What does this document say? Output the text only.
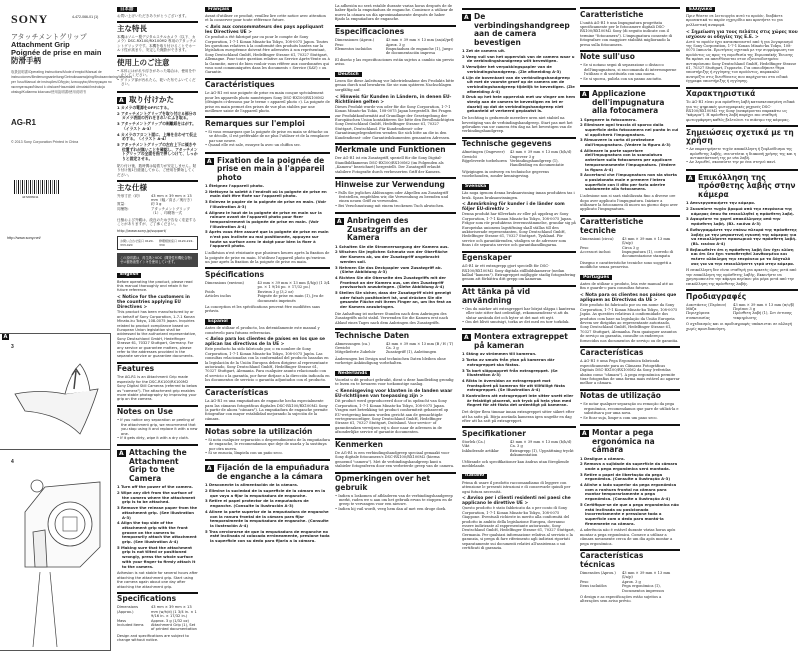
SONY	4-472-066-01 (1)
アタッチメントグリップ
Attachment Grip
Poignée de prise en main
防滑手柄
取扱説明書/Operating Instructions/Mode d'emploi/Manual de instrucciones/Bedienungsanleitung/Gebruiksaanwijzing/Bruksanvisning/Istruzioni per l'uso/Manual de instruções/Οδηγίες λειτουργίας/Инструкция по эксплуатации/Návod k obsluze/Használati útmutató/Instrukcja obsługi/Kullanma kılavuzu/使用說明書/使用说明书
AG-R1
© 2013 Sony Corporation Printed in China
4472066011
http://www.sony.net/
A
3
4
日本語
お買い上げいただきありがとうございます。
主な特長
本機はソニー製デジタルスチルカメラ（以下、カメラ）DSC-RX100/RX100M2 専用のアタッチメントグリップです。本機を取り付けることでホールド性が高まり、安定した撮影ができます。
使用上のご注意
• 本体にはがれや浮きがあった場合は、使用を中止してください。
• グリップ部が汚れたら、乾いた布でふいてください。
A 取り付けかた
1 カメラの電源をOFFにする。
2 アタッチメントグリップを取り付ける部分のカメラ表面の汚れをきれいにふき取る。
3 アタッチメントグリップの剥離紙をはがす。（イラスト A-3）
4 カメラのフロント面に、上端を合わせて仮止めする。（イラスト A-4）
5 アタッチメントグリップの左右上下に傾きや位置ずれが無いことを確認し、アタッチメントグリップの全面を指で押しつけて、しっかりと固定させる。
貼り付け後、数時間は接着力が安定しません。貼り付け後1日経過してから、ご使用を開始してください。
主な仕様
外形寸法（約）	43 mm × 39 mm × 13 mm（幅／高さ／奥行き）
質量：	約 3 g
同梱物：	アタッチメントグリップ（1）、印刷物一式
仕様および外観は、改良のため予告なく変更することがありますが、ご了承ください。
http://www.sony.jp/support/
お問い合わせ窓口 0120-333-020
修理相談窓口 0120-222-330
この説明書は、再生紙とVOC（揮発性有機化合物）ゼロ植物油型インキを使用しています。
English
Before operating the product, please read this manual thoroughly and retain it for future reference.
< Notice for the customers in the countries applying EU Directives >
This product has been manufactured by or on behalf of Sony Corporation, 1-7-1 Konan Minato-ku Tokyo, 108-0075 Japan. Inquiries related to product compliance based on European Union legislation shall be addressed to the authorized representative, Sony Deutschland GmbH, Hedelfinger Strasse 61, 70327 Stuttgart, Germany. For any service or guarantee matters, please refer to the addresses provided in the separate service or guarantee documents.
Features
The AG-R1 is an Attachment Grip made especially for the DSC-RX100/RX100M2 Sony Digital Still Cameras (referred to below as "camera"). The attachment grip enables more stable photography by improving your grip on the camera.
Notes on Use
• If you notice any separation or peeling of the attachment grip, we recommend that you stop using it and replace it with a new one.
• If it gets dirty, wipe it with a dry cloth.
A Attaching the Attachment Grip to the Camera
1 Turn off the power of the camera.
2 Wipe any dirt from the surface of the camera where the attachment grip is to be attached.
3 Remove the release paper from the attachment grip. (See illustration A-3)
4 Align the top side of the attachment grip with the front groove on the camera to temporarily attach the attachment grip. (See illustration A-4)
5 Making sure that the attachment grip is not tilted or positioned wrongly, press the whole surface with your finger to firmly attach it to the camera.
Adhesion is not stable for several hours after attaching the attachment grip. Start using the camera again about one day after attaching the attachment grip.
Specifications
Dimensions (Approx.)
43 mm × 39 mm × 13 mm (w/h/d) (1 3/4 in. × 1 9/16 in. × 17/32 in.)
Mass	Approx. 3 g (1/32 oz)
Included items	Attachment Grip (1), Set of printed documentation
Design and specifications are subject to change without notice.
Français
Avant d'utiliser ce produit, veuillez lire cette notice avec attention et la conserver pour toute référence future.
< Avis aux consommateurs des pays appliquant les Directives UE >
Ce produit a été fabriqué par ou pour le compte de Sony Corporation, 1-7-1 Konan Minato-ku Tokyo, 108-0075 Japon. Toutes les questions relatives à la conformité des produits basées sur la législation européenne doivent être adressées à son représentant, Sony Deutschland GmbH, Hedelfinger Strasse 61, 70327 Stuttgart, Allemagne. Pour toute question relative au Service Après-Vente ou à la Garantie, merci de bien vouloir vous référer aux coordonnées qui vous sont communiquées dans les documents « Service (SAV) » ou Garantie.
Caractéristiques
Le AG-R1 est une poignée de prise en main conçue spécialement pour les appareils photo numériques Sony DSC-RX100/RX100M2 (désignés ci-dessous par le terme « appareil photo »). La poignée de prise en main permet des prises de vue plus stables par une meilleure saisie de l'appareil photo.
Remarques sur l'emploi
• Si vous remarquez que la poignée de prise en main se détache ou se décolle, il est préférable de ne plus l'utiliser et de la remplacer par une neuve.
• Quand elle est sale, essuyez-la avec un chiffon sec.
A Fixation de la poignée de prise en main à l'appareil photo
1 Éteignez l'appareil photo.
2 Nettoyez la saleté à l'endroit où la poignée de prise en main doit être fixée sur l'appareil photo.
3 Enlevez le papier de la poignée de prise en main. (Voir l'illustration A-3)
4 Alignez le haut de la poignée de prise en main sur la rainure avant de l'appareil photo pour fixer temporairement la poignée de prise en main. (Voir l'illustration A-4)
5 Après vous être assuré que la poignée de prise en main n'est pas inclinée ou mal positionnée, appuyez sur toute sa surface avec le doigt pour bien la fixer à l'appareil photo.
L'adhésion n'est résistante que plusieurs heures après la fixation de la poignée de prise en main. N'utilisez l'appareil photo qu'environ un jour après la fixation de la poignée de prise en main.
Spécifications
Dimensions (environ)	43 mm × 39 mm × 13 mm (l/h/p) (1 3/4 po. × 1 9/16 po. × 17/32 po.)
Poids	Environ 3 g (3,2 oz)
Articles inclus	Poignée de prise en main (1), Jeu de documents imprimés
La conception et les spécifications peuvent être modifiées sans préavis.
Español
Antes de utilizar el producto, lea detenidamente este manual y consérvelo para futuras referencias.
< Aviso para los clientes de países en los que se aplican las directivas de la UE >
Este producto ha sido fabricado por, o en nombre de Sony Corporation, 1-7-1 Konan Minato-ku Tokyo, 108-0075 Japón. Las consultas relacionadas con la conformidad del producto basadas en la legislación de la Unión Europea deben dirigirse al representante autorizado, Sony Deutschland GmbH, Hedelfinger Strasse 61, 70327 Stuttgart, Alemania. Para cualquier asunto relacionado con el servicio o la garantía, por favor diríjase a la dirección indicada en los documentos de servicio o garantía adjuntados con el producto.
Características
La AG-R1 es una empuñadura de enganche hecha especialmente para las cámaras fotográficas digitales DSC-RX100/RX100M2 Sony (a partir de ahora "cámara"). La empuñadura de enganche permite fotografiar con mayor estabilidad mejorando la sujeción de la cámara.
Notas sobre la utilización
• Si nota cualquier separación o desprendimiento de la empuñadura de enganche, le recomendamos que deje de usarla y la sustituya por otra nueva.
• Si se ensucia, límpiela con un paño seco.
A Fijación de la empuñadura de enganche a la cámara
1 Desconecte la alimentación de la cámara.
2 Elimine la suciedad de la superficie de la cámara en la que vaya a fijar la empuñadura de enganche.
3 Retire el papel protector de la empuñadura de enganche. (Consulte la ilustración A-3)
4 Alinee la parte superior de la empuñadura de enganche con la ranura frontal de la cámara para fijar temporalmente la empuñadura de enganche. (Consulte la ilustración A-4)
5 Tras cerciorarse de que la empuñadura de enganche no esté inclinada ni colocada erróneamente, presione toda la superficie con su dedo para fijarla a la cámara.
La adhesión no será estable durante varias horas después de de haber fijado la empuñadura de enganche. Comience a utilizar de nuevo la cámara un día aproximadamente después de haber fijado la empuñadura de enganche.
Especificaciones
Dimensiones (Aprox.)	43 mm × 39 mm × 13 mm (an/al/prf)
Peso	Aprox. 3 g
Elementos incluidos	Empuñadura de enganche (1), Juego de documentación impresa
El diseño y las especificaciones están sujetos a cambio sin previo aviso.
Deutsch
Lesen Sie diese Anleitung vor Inbetriebnahme des Produkts bitte genau durch und bewahren Sie sie zum späteren Nachschlagen sorgfältig auf.
< Hinweis für Kunden in Ländern, in denen EU-Richtlinien gelten >
Dieses Produkt wurde von oder für die Sony Corporation, 1-7-1 Konan Minato-ku Tokio, 108-0075 Japan hergestellt. Bei Fragen zur Produktkonformität auf Grundlage der Gesetzgebung der Europäischen Union kontaktieren Sie bitte den Bevollmächtigten Sony Deutschland GmbH, Hedelfinger Strasse 61, 70327 Stuttgart, Deutschland. Für Kundendienst- oder Garantieangelegenheiten wenden Sie sich bitte an die in den Kundendienst- oder Garantiedokumenten genannten Adressen.
Merkmale und Funktionen
Der AG-R1 ist ein Zusatzgriff, speziell für die Sony Digital-Standbildkameras DSC-RX100/RX100M2 (im Folgenden als „Kamera" bezeichnet) hergestellt. Der Zusatzgriff erlaubt stabilere Fotografie durch verbesserten Griff der Kamera.
Hinweise zur Verwendung
• Falls Sie jegliches Ablösungen oder Abpellen am Zusatzgriff feststellen, empfehlen wir, die Verwendung zu beenden und einen neuen Griff zu verwenden.
• Bei Verschmutzung mit einem trockenen Tuch abwischen.
A Anbringen des Zusatzgriffs an der Kamera
1 Schalten Sie die Stromversorgung der Kamera aus.
2 Wischen Sie jeglichen Schmutz von der Oberfläche der Kamera ab, wo der Zusatzgriff angebracht werden soll.
3 Nehmen Sie das Deckpapier vom Zusatzgriff ab. (Siehe Abbildung A-3)
4 Richten Sie die Oberseite des Zusatzgriffs mit der Frontnut an der Kamera aus, um den Zusatzgriff provisorisch anzubringen. (Siehe Abbildung A-4)
5 Stellen Sie sicher, dass der Zusatzgriff nicht geneigt oder falsch positioniert ist, und drücken Sie die gesamte Fläche mit Ihrem Finger an, um ihn fest an der Kamera anzubringen.
Die Anhaftung ist mehrere Stunden nach dem Anbringen des Zusatzgriffs nicht stabil. Verwenden Sie die Kamera erst nach Ablauf eines Tages nach dem Anbringen des Zusatzgriffs.
Technische Daten
Abmessungen (ca.)	43 mm × 39 mm × 13 mm (B / H / T)
Gewicht	Ca. 3 g
Mitgelieferte Zubehör	Zusatzgriff (1), Anleitungen
Änderungen bei Design und technischen Daten bleiben ohne vorherige Ankündigung vorbehalten.
Nederlands
Voordat u dit product gebruikt, dient u deze handleiding grondig te lezen en te bewaren voor toekomstige naslag.
< Kennisgeving voor klanten in de landen waar EU-richtlijnen van toepassing zijn >
Dit product werd geproduceerd door of in opdracht van Sony Corporation, 1-7-1 Konan Minato-ku Tokyo, 108-0075 Japan. Vragen met betrekking tot product conformiteit gebaseerd op EU-wetgeving kunnen worden gericht aan de gemachtigde vertegenwoordiger, Sony Deutschland GmbH, Hedelfinger Strasse 61, 70327 Stuttgart, Duitsland. Voor service- of garantiezaken verwijzen wij u door naar de adressen in de afzonderlijke service of garantie documenten.
Kenmerken
De AG-R1 is een verbindingshandgreep speciaal gemaakt voor Sony digitale fotocamera's DSC-RX100/RX100M2 (hierna genoemd "camera"). Met de verbindingshandgreep kunt u stabieler fotograferen door een verbeterde greep van de camera.
Opmerkingen over het gebruik
• Indien u loskomen of afbladeren van de verbindingshandgreep merkt, raden we u aan om het gebruik ervan te stoppen en de greep te vervangen voor een nieuwe.
• Indien hij vuil wordt, veeg hem dan af met een droge doek.
A De verbindingshandgreep aan de camera bevestigen
1 Zet de camera uit.
2 Veeg vuil van het oppervlak van de camera waar u de verbindingshandgreep wilt bevestigen.
3 Verwijder het verpakkingspapier van de verbindingshandgreep. (Zie afbeelding A-3)
4 Lijn de bovenkant van de verbindingshandgreep uit met de voorste groef op de camera om de verbindingshandgreep tijdelijk te bevestigen. (Zie afbeelding A-4)
5 Druk op het hele oppervlak met uw vinger om hem stevig aan de camera te bevestigen en let er daarbij op dat de verbindingshandgreep niet gekanteld of verkeerd geplaatst is.
De hechting is gedurende meerdere uren niet stabiel na bevestiging van de verbindingshandgreep. Start pas met het gebruiken van uw camera één dag na het bevestigen van de verbindingshandgreep.
Technische gegevens
Afmetingen (Ongeveer)	43 mm × 39 mm × 13 mm (b/h/d)
Gewicht	Ongeveer 3 g
Bijgeleverde toebehoren Verbindingshandgreep (1), Handleiding en documentatie
Wijzigingen in ontwerp en technische gegevens voorbehouden, zonder kennisgeving.
Svenska
Läs noga igenom denna bruksanvisning innan produkten tas i bruk. Spara bruksanvisningen.
< Anmärkning för kunder i de länder som följer EU-direktiv >
Denna produkt har tillverkats av eller på uppdrag av Sony Corporation, 1-7-1 Konan Minato-ku Tokyo, 108-0075 Japan. Frågor som rör produktens överensstämmelse, grundar sig på Europeiska unionens lagstiftning skall ställas till den auktoriserade representanten, Sony Deutschland GmbH, Hedelfinger Strasse 61, 70327 Stuttgart, Tyskland. För service och garantiärenden, vänligen se de adresser som finns i de separata service och garantihandlingarna.
Egenskaper
AG-R1 är ett extragrepp gjort speciellt för DSC-RX100/RX100M2 Sony digitala stillbildskameror (nedan kallad "kamera"). Extragreppet möjliggör stadig fotografering genom att förbättra ditt grepp om kameran.
Att tänka på vid användning
• Om du märker att extragreppet har börjat släppa i kanterna eller inte sitter fast ordentligt, rekommenderar vi att du slutar använda det och byter ut det mot ett nytt.
• Om det blivit smutsigt, torka av det med en torr torkduk.
A Montera extragreppet på kameran
1 Stäng av strömmen till kameran.
2 Torka av smuts från ytan på kameran där extragreppet ska fästas.
3 Ta bort släppappret från extragreppet. (Se illustration A-3)
4 Rikta in översidan av extragreppet mot frontspåret på kameran för att tillfälligt fästa extragreppet. (Se illustration A-4)
5 Kontrollera att extragreppet inte sitter snett eller är felaktigt placerat, och tryck på hela ytan med fingret för att fästa det ordentligt på kameran.
Det dröjer flera timmar innan extragreppet sitter säkert efter att ha satts på. Börja använda kameran igen ungefär en dag efter att ha satt på extragreppet.
Specifikationer
Storlek (Ca.)	43 mm × 39 mm × 13 mm (b/h/d)
Vikt	Ca. 3 g
Inkluderade artiklar	Extragrepp (1), Uppsättning tryckt dokumentation
Utförande och specifikationer kan ändras utan föregående meddelande.
Italiano
Prima di usare il prodotto raccomandiamo di leggere con attenzione le presenti istruzioni e di conservarle quindi per ogni futura necessità.
< Avviso per i clienti residenti nei paesi che applicano le direttive UE >
Questo prodotto è stato fabbricato da o per conto di Sony Corporation, 1-7-1 Konan Minato-ku Tokyo, 108-0075 Giappone. Eventuali richieste in merito alla conformità del prodotto in ambito della legislazione Europea, dovranno essere indirizzate al rappresentante autorizzato, Sony Deutschland GmbH, Hedelfinger Strasse 61, 70327 Stuttgart, Germania. Per qualsiasi informazione relativa al servizio o la garanzia, si prega di fare riferimento agli indirizzi riportati separatamente sui documenti relativi all'assistenza o sui certificati di garanzia.
Caratteristiche
L'unità AG-R1 è una Impugnatura progettata specificamente per le fotocamere digitali DSC-RX100/RX100M2 Sony (di seguito indicate con il termine "fotocamera"). L'impugnatura consente di fotografare con maggiore stabilità migliorando la presa sulla fotocamera.
Note sull'uso
• Se si notano segni di separazione o distacco dell'impugnatura, si raccomanda di interromperne l'utilizzo e di sostituirla con una nuova.
• Se si sporca, pulirla con un panno asciutto.
A Applicazione dell'impugnatura alla fotocamera
1 Spegnere la fotocamera.
2 Eliminare ogni traccia di sporco dalla superficie della fotocamera nel punto in cui si applicherà l'impugnatura.
3 Rimuovere la carta di protezione dall'impugnatura. (Vedere la figura A-3)
4 Allineare la parte superiore dell'impugnatura con la scanalatura anteriore sulla fotocamera per applicare temporaneamente l'impugnatura. (Vedere la figura A-4)
5 Accertarsi che l'impugnatura non sia storta o posizionata male e premere l'intera superficie con il dito per farla aderire saldamente alla fotocamera.
L'adesione non si sarà stabilizzata fino a diverse ore dopo aver applicato l'impugnatura. Iniziare a utilizzare la fotocamera di nuovo un giorno dopo aver applicato l'impugnatura.
Caratteristiche tecniche
Dimensioni (circa)	43 mm × 39 mm × 13 mm (l/a/p)
Peso	Circa 3 g
Accessori inclusi	Impugnatura (1), corredo di documentazione stampata
Disegno e caratteristiche tecniche sono soggetti a modifiche senza preavviso.
Português
Antes de utilizar o produto, leia este manual até ao fim e guarde-o para consultas futuras.
< Nota para os clientes nos países que apliquem as Directivas da UE >
Este produto foi fabricado por ou em nome da Sony Corporation, 1-7-1 Konan Minato-ku Tokyo, 108-0075 Japão. As questões relativas à conformidade dos produtos com base na legislação da União Europeia devem ser dirigidas ao representante autorizado, Sony Deutschland GmbH, Hedelfinger Strasse 61, 70327 Stuttgart, Alemanha. Para quaisquer assuntos de serviço ou garantia, consulte os endereços fornecidos nos documentos de serviço ou de garantia.
Características
A AG-R1 é uma Pega Ergonómica fabricada especificamente para as Câmaras Fotográficas Digitais DSC-RX100/RX100M2 da Sony (referidas abaixo como "câmara"). A pega ergonómica permite tirar fotografias de uma forma mais estável ao agarrar melhor a câmara.
Notas de utilização
• Se notar qualquer separação ou remoção da pega ergonómica, recomendamos que pare de utilizá-la e substitua-a por uma nova.
• Se ficar suja, limpe-a com um pano seco.
A Montar a pega ergonómica na câmara
1 Desligue a câmara.
2 Remova a sujidade da superfície da câmara onde a pega ergonómica será montada.
3 Retire o papel de libertação da pega ergonómica. (Consulte a ilustração A-3)
4 Alinhe o lado superior da pega ergonómica com a ranhura frontal na câmara para montar temporariamente a pega ergonómica. (Consulte a ilustração A-4)
5 Certifique-se de que a pega ergonómica não está inclinada ou posicionada incorrectamente e pressione toda a superfície com o dedo para montá-la firmemente na câmara.
A aderência não é estável durante várias horas após montar a pega ergonómica. Comece a utilizar a câmara novamente cerca de um dia após montar a pega ergonómica.
Características técnicas
Dimensões (Aprox.)	43 mm × 39 mm × 13 mm (l/a/p)
Peso	Aprox. 3 g
Itens incluídos	Pega ergonómica (1), Documentos impressos
O design e as especificações estão sujeitos a alterações sem aviso prévio.
Ελληνικά
Πριν θέσετε σε λειτουργία αυτό το προϊόν, διαβάστε προσεκτικά το παρόν εγχειρίδιο και κρατήστε το για μελλοντική αναφορά.
< Σημείωση για τους πελάτες στις χώρες που ισχύουν οι οδηγίες της Ε.Ε. >
Αυτό το προϊόν έχει κατασκευαστεί από ή για λογαριασμό της Sony Corporation, 1-7-1 Konan Minato-ku Tokyo, 108-0075 Ιαπωνία. Ερωτήσεις σχετικά με την συμμόρφωση του προϊόντος ως προς τη νομοθεσία της Ευρωπαϊκής Ένωσης θα πρέπει να απευθύνονται στον εξουσιοδοτημένο αντιπρόσωπο Sony Deutschland GmbH, Hedelfinger Strasse 61, 70327 Stuttgart, Γερμανία. Για οποιοδήποτε θέμα υποστήριξης ή εγγύησης του προϊόντος, παρακαλώ ανατρέξτε στις διευθύνσεις που παρέχονται στα ειδικά έγγραφα υποστήριξης ή εγγύησης.
Χαρακτηριστικά
Το AG-R1 είναι μια πρόσθετη λαβή κατασκευασμένη ειδικά για τις ψηφιακές φωτογραφικές μηχανές DSC-RX100/RX100M2 της Sony (αναφέρονται παρακάτω ως "κάμερα"). Η πρόσθετη λαβή παρέχει πιο σταθερή φωτογράφηση καθώς βελτιώνει το πιάσιμο της κάμερας.
Σημειώσεις σχετικά με τη χρήση
• Αν παρατηρήσετε τυχόν αποκόλληση ή ξεφλούδισμα της πρόσθετης λαβής, συνιστάται η διακοπή χρήσης της και η αντικατάστασή της με νέα λαβή.
• Αν λερωθεί, σκουπίστε την με ένα στεγνό πανί.
A Επικόλληση της πρόσθετης λαβής στην κάμερα
1 Απενεργοποιήστε την κάμερα.
2 Σκουπίστε τυχόν βρομιά από την επιφάνεια της κάμερας όπου θα επικολληθεί η πρόσθετη λαβή.
3 Αφαιρέστε το χαρτί αποκόλλησης από την πρόσθετη λαβή. (Βλ. εικόνα A-3)
4 Ευθυγραμμίστε την επάνω πλευρά της πρόσθετης λαβής με την μπροστινή εγκοπή της κάμερας για να επικολλήσετε προσωρινά την πρόσθετη λαβή. (Βλ. εικόνα A-4)
5 Βεβαιωθείτε ότι η πρόσθετη λαβή δεν έχει κλίση και ότι δεν έχει τοποθετηθεί λανθασμένα και πιέστε ολόκληρη την επιφάνεια με το δάχτυλό σας για να την επικολλήσετε γερά στην κάμερα.
Η επικόλληση δεν είναι σταθερή για αρκετές ώρες μετά από την επικόλληση της πρόσθετης λαβής. Εκκινήστε να χρησιμοποιείτε την κάμερα περίπου μία μέρα μετά από την επικόλληση της πρόσθετης λαβής.
Προδιαγραφές
Διαστάσεις (Περίπου)	43 mm × 39 mm × 13 mm (π/υ/β)
Μάζα	Περίπου 3 g
Περιεχόμενα συσκευασίας
Πρόσθετη λαβή (1), Σετ έντυπης τεκμηρίωσης
Ο σχεδιασμός και οι προδιαγραφές υπόκεινται σε αλλαγή χωρίς προειδοποίηση.
